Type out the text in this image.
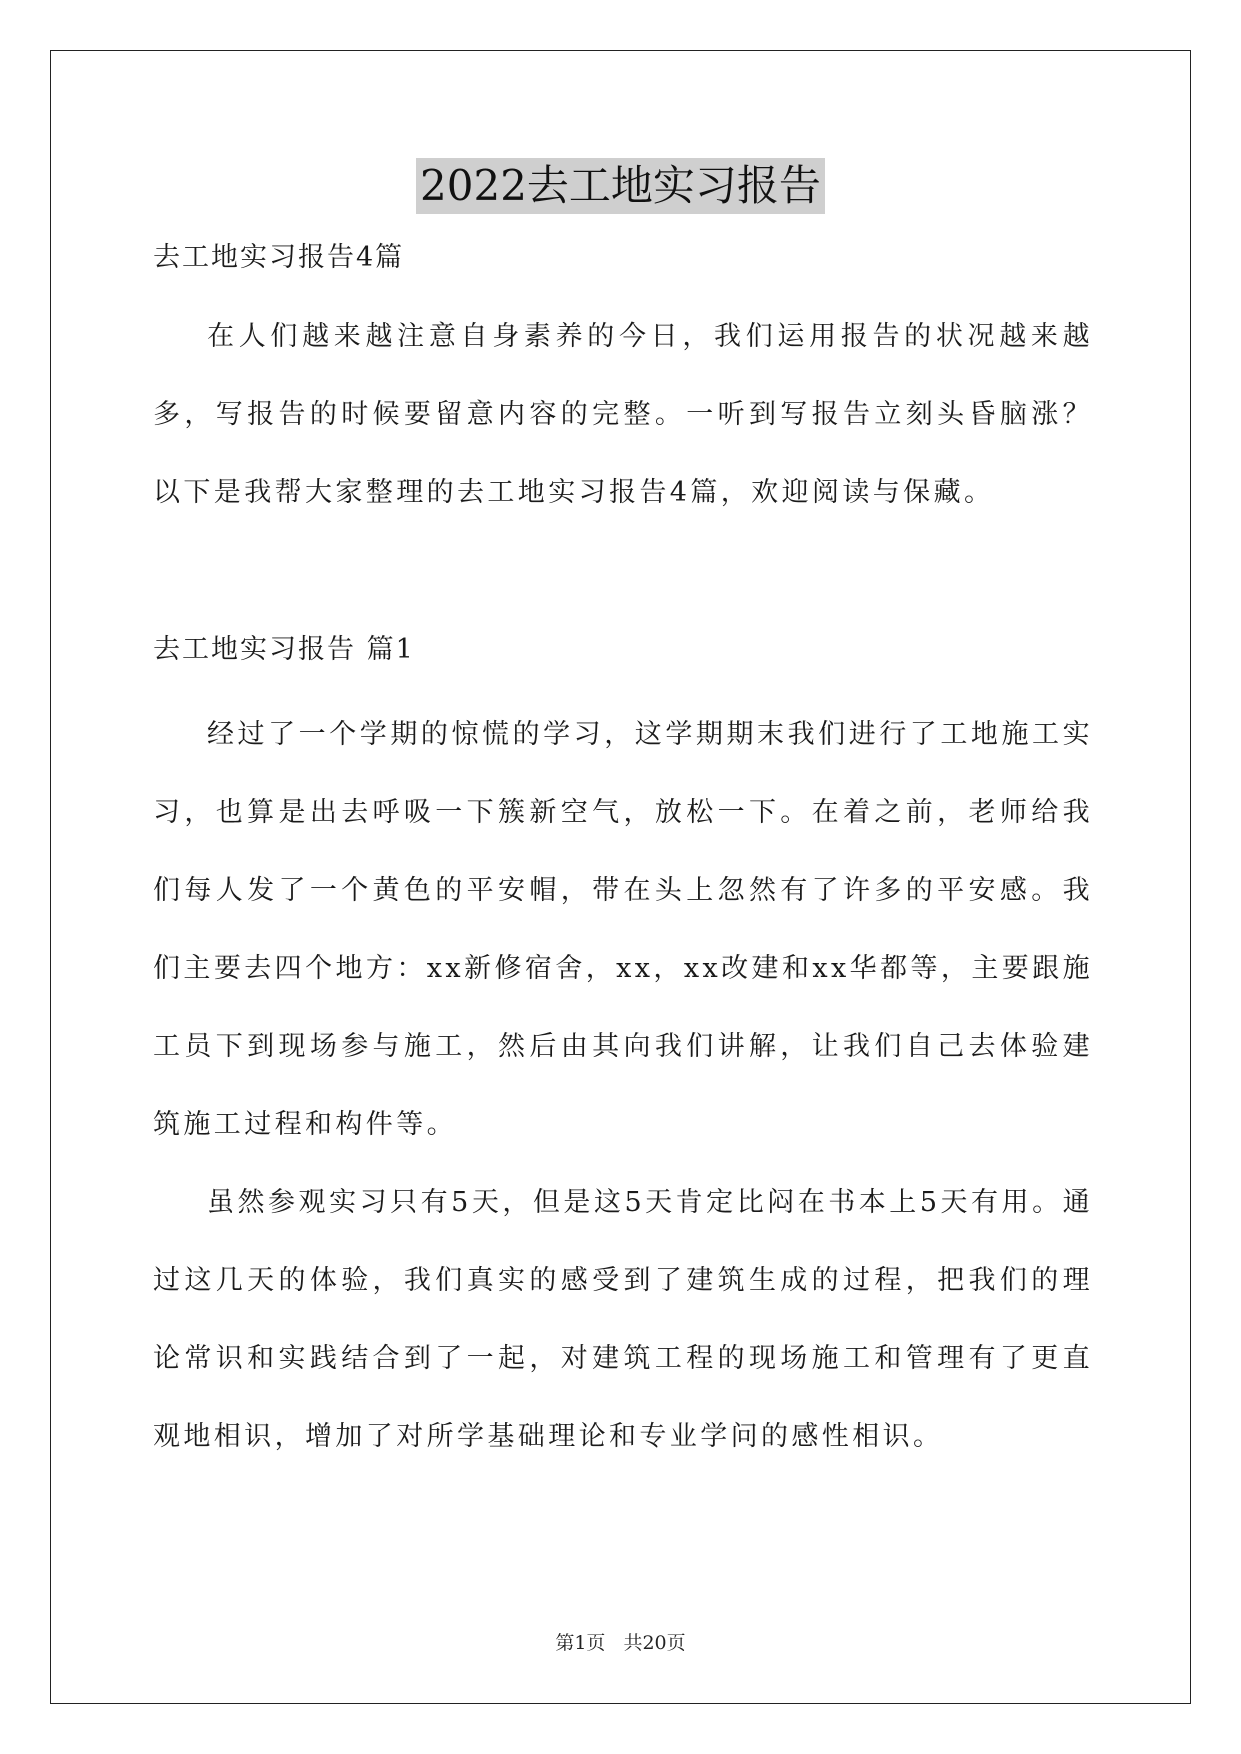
2022去工地实习报告

去工地实习报告4篇

在人们越来越注意自身素养的今日，我们运用报告的状况越来越多，写报告的时候要留意内容的完整。一听到写报告立刻头昏脑涨？以下是我帮大家整理的去工地实习报告4篇，欢迎阅读与保藏。

去工地实习报告 篇1

经过了一个学期的惊慌的学习，这学期期末我们进行了工地施工实习，也算是出去呼吸一下簇新空气，放松一下。在着之前，老师给我们每人发了一个黄色的平安帽，带在头上忽然有了许多的平安感。我们主要去四个地方：xx新修宿舍，xx，xx改建和xx华都等，主要跟施工员下到现场参与施工，然后由其向我们讲解，让我们自己去体验建筑施工过程和构件等。

虽然参观实习只有5天，但是这5天肯定比闷在书本上5天有用。通过这几天的体验，我们真实的感受到了建筑生成的过程，把我们的理论常识和实践结合到了一起，对建筑工程的现场施工和管理有了更直观地相识，增加了对所学基础理论和专业学问的感性相识。

第1页 共20页
